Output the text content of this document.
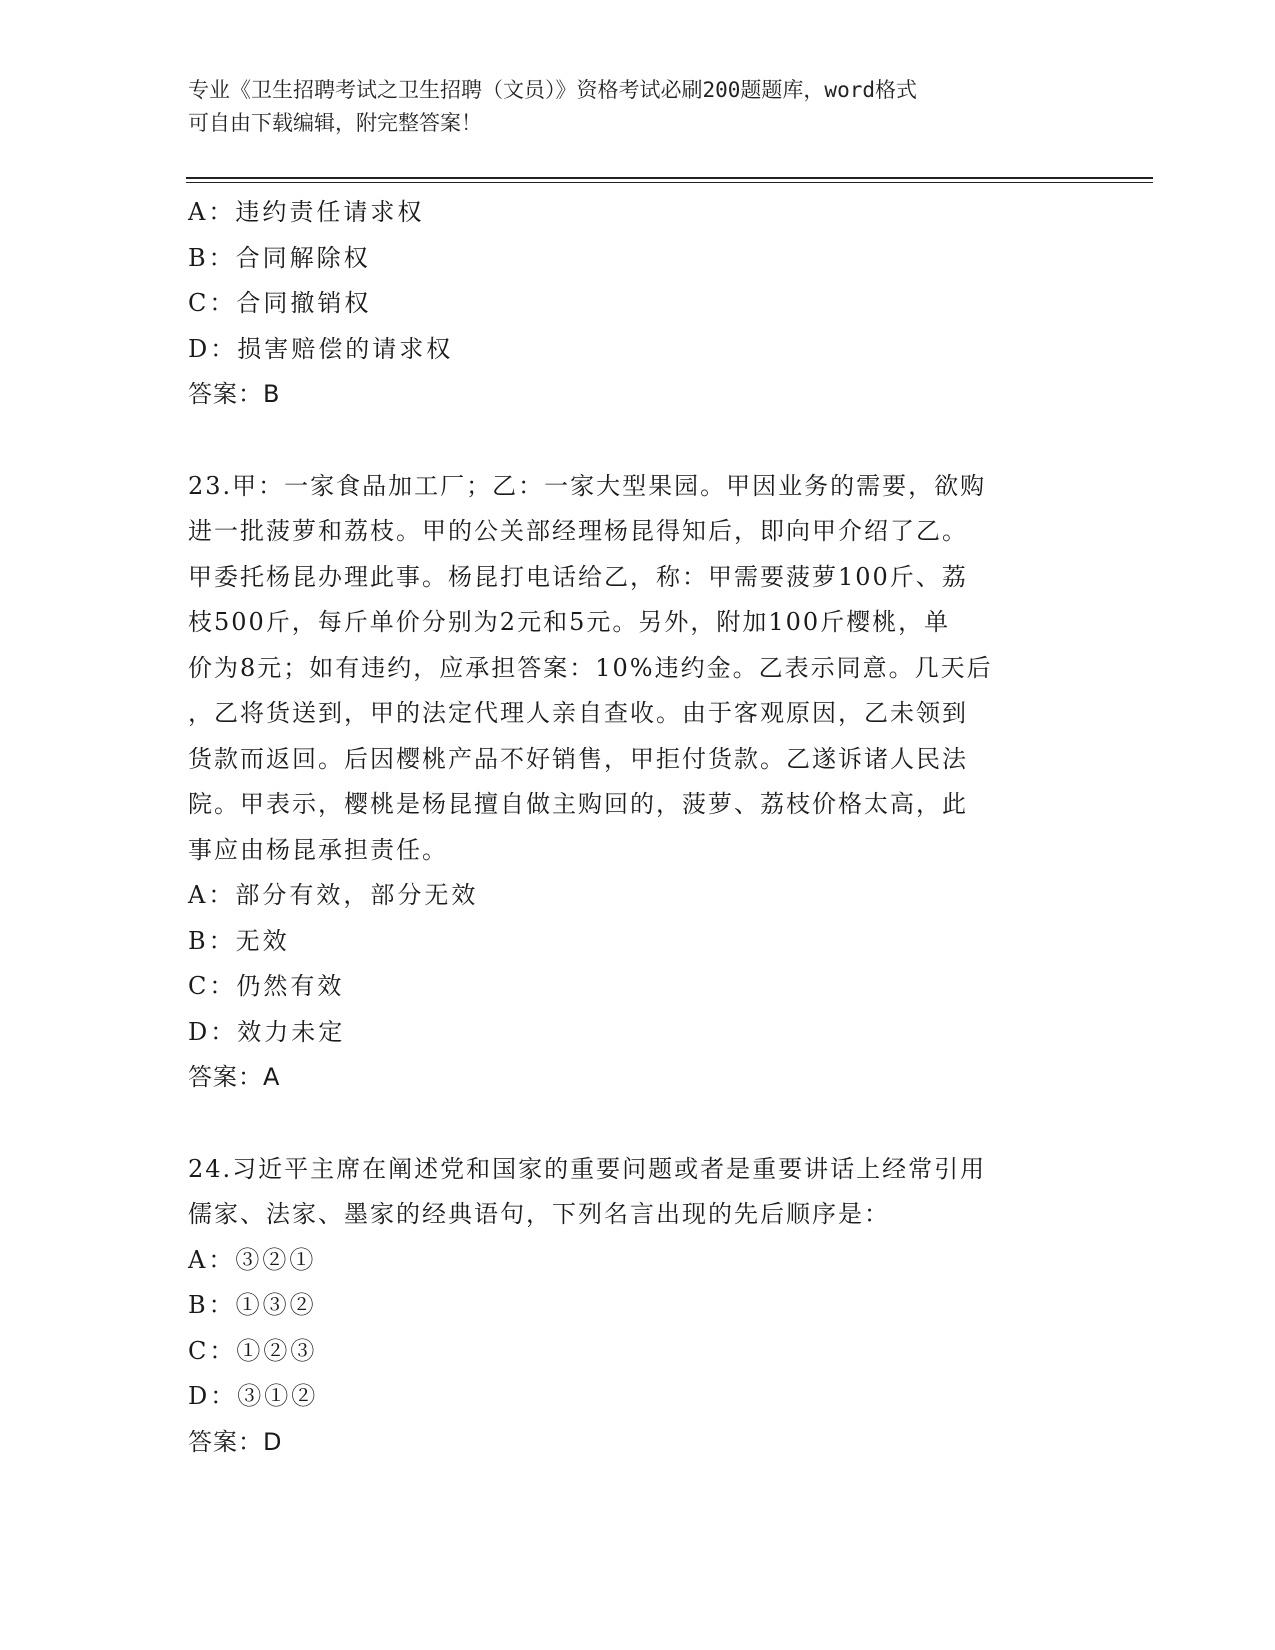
专业《卫生招聘考试之卫生招聘（文员）》资格考试必刷200题题库，word格式

可自由下载编辑，附完整答案！

A：违约责任请求权
B：合同解除权
C：合同撤销权
D：损害赔偿的请求权
答案：B
23.甲：一家食品加工厂；乙：一家大型果园。甲因业务的需要，欲购
进一批菠萝和荔枝。甲的公关部经理杨昆得知后，即向甲介绍了乙。
甲委托杨昆办理此事。杨昆打电话给乙，称：甲需要菠萝100斤、荔
枝500斤，每斤单价分别为2元和5元。另外，附加100斤樱桃，单
价为8元；如有违约，应承担答案：10%违约金。乙表示同意。几天后
，乙将货送到，甲的法定代理人亲自查收。由于客观原因，乙未领到
货款而返回。后因樱桃产品不好销售，甲拒付货款。乙遂诉诸人民法
院。甲表示，樱桃是杨昆擅自做主购回的，菠萝、荔枝价格太高，此
事应由杨昆承担责任。
A：部分有效，部分无效
B：无效
C：仍然有效
D：效力未定
答案：A
24.习近平主席在阐述党和国家的重要问题或者是重要讲话上经常引用
儒家、法家、墨家的经典语句，下列名言出现的先后顺序是：
A：③②①
B：①③②
C：①②③
D：③①②
答案：D
